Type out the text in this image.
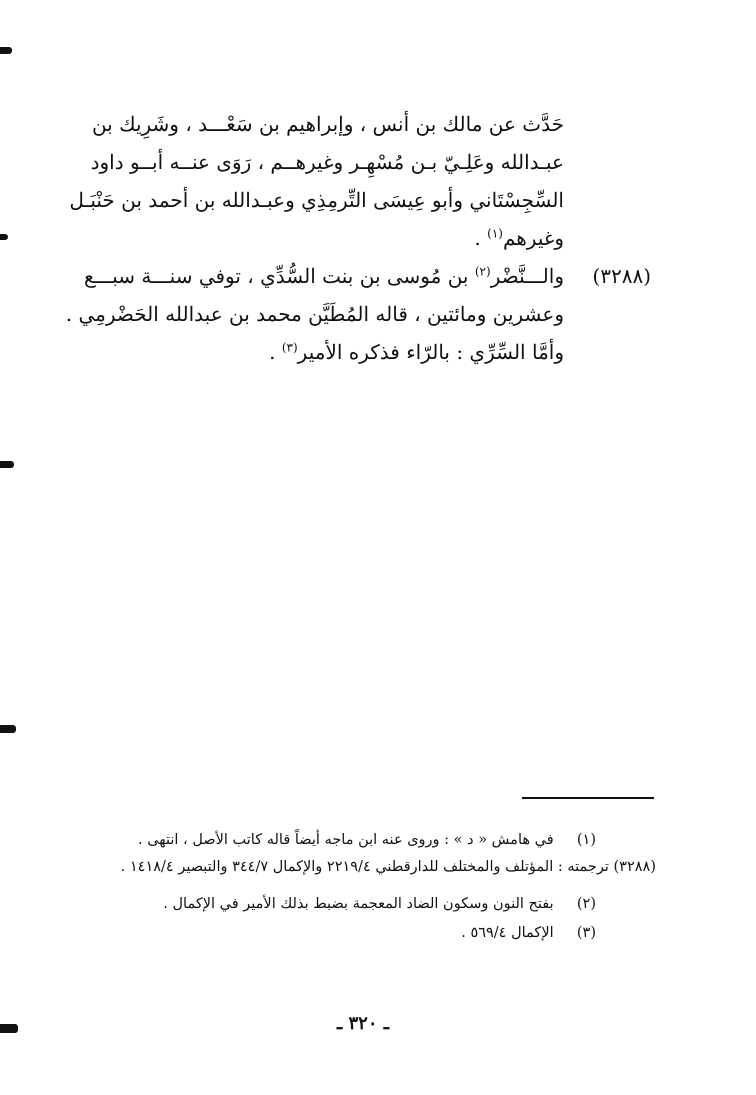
حَدَّث عن مالك بن أنس ، وإبراهيم بن سَعْـــد ، وشَرِيك بن
عبـدالله وعَلِـيّ بـن مُسْهِـر وغيرهــم ، رَوَى عنــه أبــو داود
السِّجِسْتَاني وأبو عِيسَى التِّرمِذِي وعبـدالله بن أحمد بن حَنْبَـل
وغيرهم$^{(١)}$ .
والـــنَّضْر$^{(٢)}$ بن مُوسى بن بنت السُّدِّي ، توفي سنـــة سبـــع
وعشرين ومائتين ، قاله المُطَيَّن محمد بن عبدالله الحَضْرمِي .
وأمَّا السِّرِّي : بالرّاء فذكره الأمير$^{(٣)}$ .
(٣٢٨٨)
(١)  في هامش « د » : وروى عنه ابن ماجه أيضاً قاله كاتب الأصل ، انتهى .
(٣٢٨٨) ترجمته : المؤتلف والمختلف للدارقطني ٢٢١٩/٤ والإكمال ٣٤٤/٧ والتبصير ١٤١٨/٤ .
(٢)  بفتح النون وسكون الضاد المعجمة بضبط بذلك الأمير في الإكمال .
(٣)  الإكمال ٥٦٩/٤ .
ـ ٣٢٠ ـ
